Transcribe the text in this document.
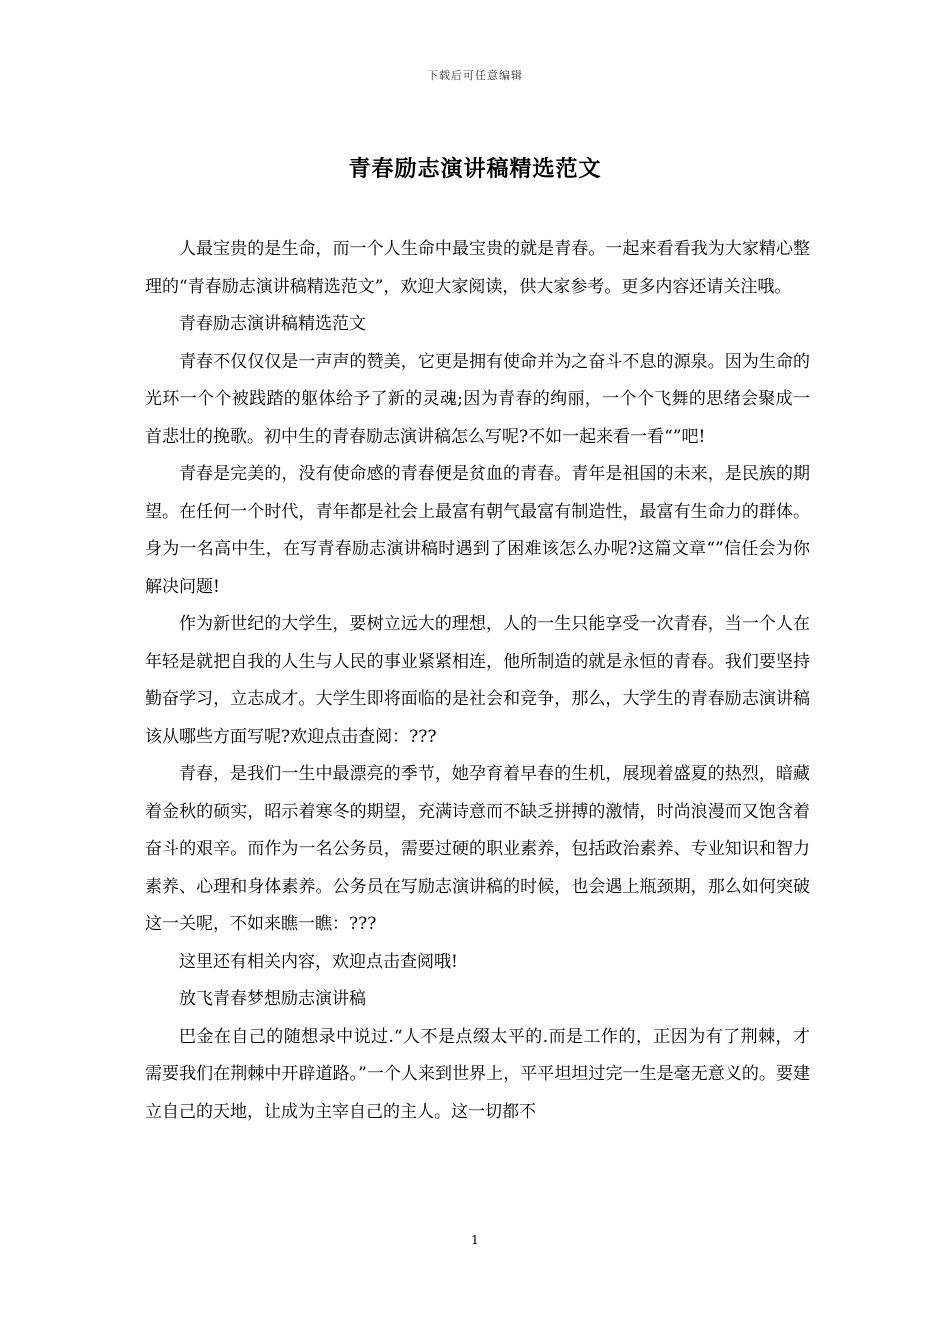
下载后可任意编辑
青春励志演讲稿精选范文

人最宝贵的是生命，而一个人生命中最宝贵的就是青春。一起来看看我为大家精心整理的“青春励志演讲稿精选范文”，欢迎大家阅读，供大家参考。更多内容还请关注哦。

青春励志演讲稿精选范文

青春不仅仅仅是一声声的赞美，它更是拥有使命并为之奋斗不息的源泉。因为生命的光环一个个被践踏的躯体给予了新的灵魂;因为青春的绚丽，一个个飞舞的思绪会聚成一首悲壮的挽歌。初中生的青春励志演讲稿怎么写呢?不如一起来看一看“”吧!

青春是完美的，没有使命感的青春便是贫血的青春。青年是祖国的未来，是民族的期望。在任何一个时代，青年都是社会上最富有朝气最富有制造性，最富有生命力的群体。身为一名高中生，在写青春励志演讲稿时遇到了困难该怎么办呢?这篇文章“”信任会为你解决问题!

作为新世纪的大学生，要树立远大的理想，人的一生只能享受一次青春，当一个人在年轻是就把自我的人生与人民的事业紧紧相连，他所制造的就是永恒的青春。我们要坚持勤奋学习，立志成才。大学生即将面临的是社会和竞争，那么，大学生的青春励志演讲稿该从哪些方面写呢?欢迎点击查阅：???

青春，是我们一生中最漂亮的季节，她孕育着早春的生机，展现着盛夏的热烈，暗藏着金秋的硕实，昭示着寒冬的期望，充满诗意而不缺乏拼搏的激情，时尚浪漫而又饱含着奋斗的艰辛。而作为一名公务员，需要过硬的职业素养，包括政治素养、专业知识和智力素养、心理和身体素养。公务员在写励志演讲稿的时候，也会遇上瓶颈期，那么如何突破这一关呢，不如来瞧一瞧：???

这里还有相关内容，欢迎点击查阅哦!

放飞青春梦想励志演讲稿

巴金在自己的随想录中说过.“人不是点缀太平的.而是工作的，正因为有了荆棘，才需要我们在荆棘中开辟道路。”一个人来到世界上，平平坦坦过完一生是毫无意义的。要建立自己的天地，让成为主宰自己的主人。这一切都不

1
